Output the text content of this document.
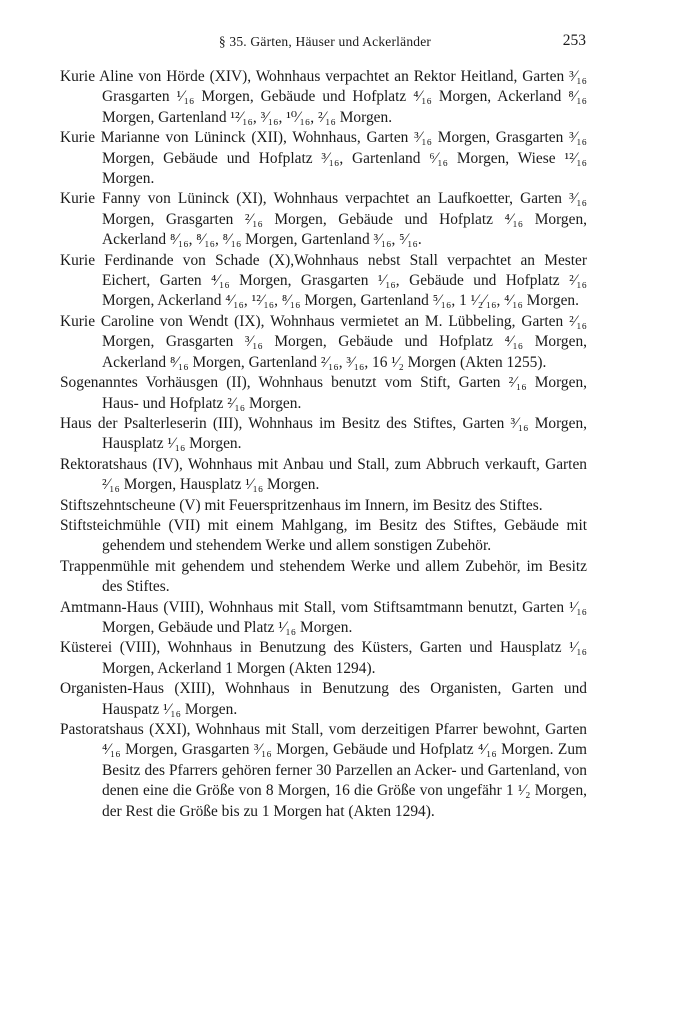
§ 35. Gärten, Häuser und Ackerländer	253

Kurie Aline von Hörde (XIV), Wohnhaus verpachtet an Rektor Heitland, Garten ³⁄₁₆ Grasgarten ¹⁄₁₆ Morgen, Gebäude und Hofplatz ⁴⁄₁₆ Morgen, Ackerland ⁸⁄₁₆ Morgen, Gartenland ¹²⁄₁₆, ³⁄₁₆, ¹⁰⁄₁₆, ²⁄₁₆ Morgen.

Kurie Marianne von Lüninck (XII), Wohnhaus, Garten ³⁄₁₆ Morgen, Grasgarten ³⁄₁₆ Morgen, Gebäude und Hofplatz ³⁄₁₆, Gartenland ⁶⁄₁₆ Morgen, Wiese ¹²⁄₁₆ Morgen.

Kurie Fanny von Lüninck (XI), Wohnhaus verpachtet an Laufkoetter, Garten ³⁄₁₆ Morgen, Grasgarten ²⁄₁₆ Morgen, Gebäude und Hofplatz ⁴⁄₁₆ Morgen, Ackerland ⁸⁄₁₆, ⁸⁄₁₆, ⁸⁄₁₆ Morgen, Gartenland ³⁄₁₆, ⁵⁄₁₆.

Kurie Ferdinande von Schade (X),Wohnhaus nebst Stall verpachtet an Mester Eichert, Garten ⁴⁄₁₆ Morgen, Grasgarten ¹⁄₁₆, Gebäude und Hofplatz ²⁄₁₆ Morgen, Ackerland ⁴⁄₁₆, ¹²⁄₁₆, ⁸⁄₁₆ Morgen, Gartenland ⁵⁄₁₆, 1 ¹⁄₂⁄₁₆, ⁴⁄₁₆ Morgen.

Kurie Caroline von Wendt (IX), Wohnhaus vermietet an M. Lübbeling, Garten ²⁄₁₆ Morgen, Grasgarten ³⁄₁₆ Morgen, Gebäude und Hofplatz ⁴⁄₁₆ Morgen, Ackerland ⁸⁄₁₆ Morgen, Gartenland ²⁄₁₆, ³⁄₁₆, 16 ¹⁄₂ Morgen (Akten 1255).

Sogenanntes Vorhäusgen (II), Wohnhaus benutzt vom Stift, Garten ²⁄₁₆ Morgen, Haus- und Hofplatz ²⁄₁₆ Morgen.

Haus der Psalterleserin (III), Wohnhaus im Besitz des Stiftes, Garten ³⁄₁₆ Morgen, Hausplatz ¹⁄₁₆ Morgen.

Rektoratshaus (IV), Wohnhaus mit Anbau und Stall, zum Abbruch verkauft, Garten ²⁄₁₆ Morgen, Hausplatz ¹⁄₁₆ Morgen.

Stiftszehntscheune (V) mit Feuerspritzenhaus im Innern, im Besitz des Stiftes.

Stiftsteichmühle (VII) mit einem Mahlgang, im Besitz des Stiftes, Gebäude mit gehendem und stehendem Werke und allem sonstigen Zubehör.

Trappenmühle mit gehendem und stehendem Werke und allem Zubehör, im Besitz des Stiftes.

Amtmann-Haus (VIII), Wohnhaus mit Stall, vom Stiftsamtmann benutzt, Garten ¹⁄₁₆ Morgen, Gebäude und Platz ¹⁄₁₆ Morgen.

Küsterei (VIII), Wohnhaus in Benutzung des Küsters, Garten und Hausplatz ¹⁄₁₆ Morgen, Ackerland 1 Morgen (Akten 1294).

Organisten-Haus (XIII), Wohnhaus in Benutzung des Organisten, Garten und Hauspatz ¹⁄₁₆ Morgen.

Pastoratshaus (XXI), Wohnhaus mit Stall, vom derzeitigen Pfarrer bewohnt, Garten ⁴⁄₁₆ Morgen, Grasgarten ³⁄₁₆ Morgen, Gebäude und Hofplatz ⁴⁄₁₆ Morgen. Zum Besitz des Pfarrers gehören ferner 30 Parzellen an Acker- und Gartenland, von denen eine die Größe von 8 Morgen, 16 die Größe von ungefähr 1 ¹⁄₂ Morgen, der Rest die Größe bis zu 1 Morgen hat (Akten 1294).
